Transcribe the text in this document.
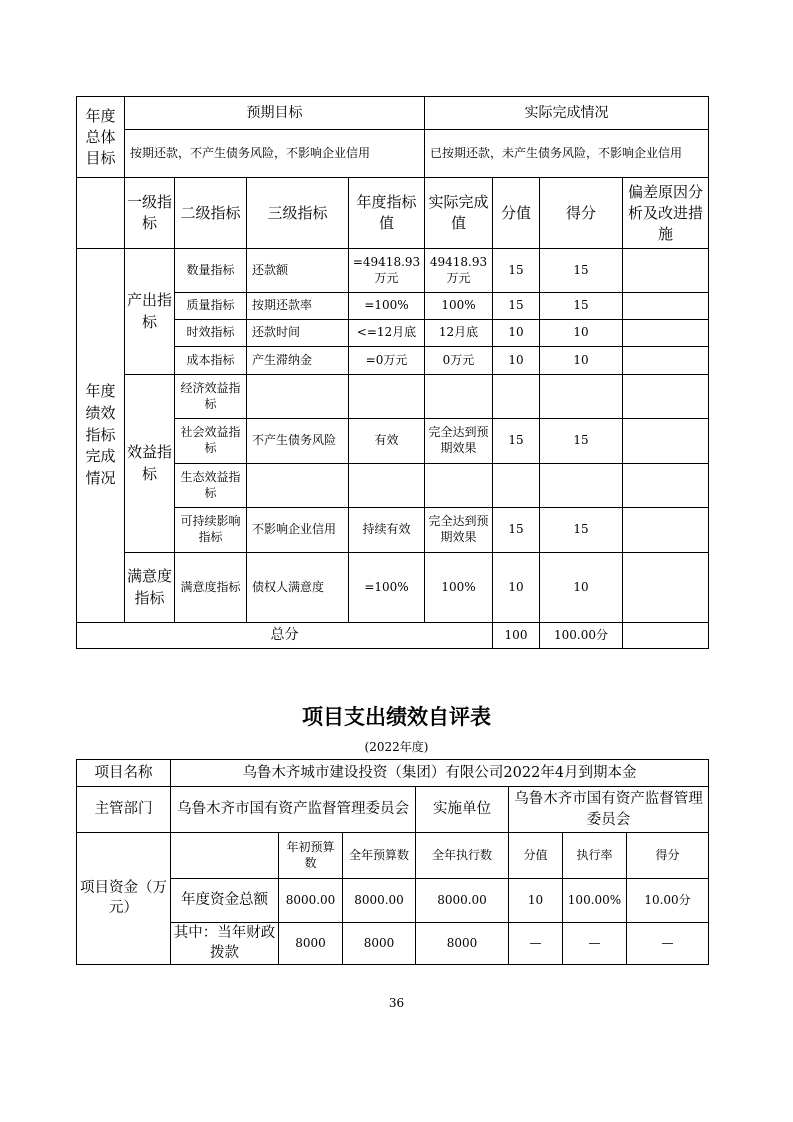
年度总体目标	预期目标				实际完成情况			
	按期还款，不产生债务风险，不影响企业信用				已按期还款，未产生债务风险，不影响企业信用			
	一级指标	二级指标	三级指标	年度指标值	实际完成值	分值	得分	偏差原因分析及改进措施
年度绩效指标完成情况	产出指标	数量指标	还款额	=49418.93万元	49418.93万元	15	15	
		质量指标	按期还款率	=100%	100%	15	15	
		时效指标	还款时间	<=12月底	12月底	10	10	
		成本指标	产生滞纳金	=0万元	0万元	10	10	
	效益指标	经济效益指标						
		社会效益指标	不产生债务风险	有效	完全达到预期效果	15	15	
		生态效益指标						
		可持续影响指标	不影响企业信用	持续有效	完全达到预期效果	15	15	
	满意度指标	满意度指标	债权人满意度	=100%	100%	10	10	
总分						100	100.00分	
项目支出绩效自评表
(2022年度)
项目名称	乌鲁木齐城市建设投资（集团）有限公司2022年4月到期本金						
主管部门	乌鲁木齐市国有资产监督管理委员会			实施单位	乌鲁木齐市国有资产监督管理委员会		
项目资金（万元）		年初预算数	全年预算数	全年执行数	分值	执行率	得分
	年度资金总额	8000.00	8000.00	8000.00	10	100.00%	10.00分
	其中：当年财政拨款	8000	8000	8000	—	—	—
36
